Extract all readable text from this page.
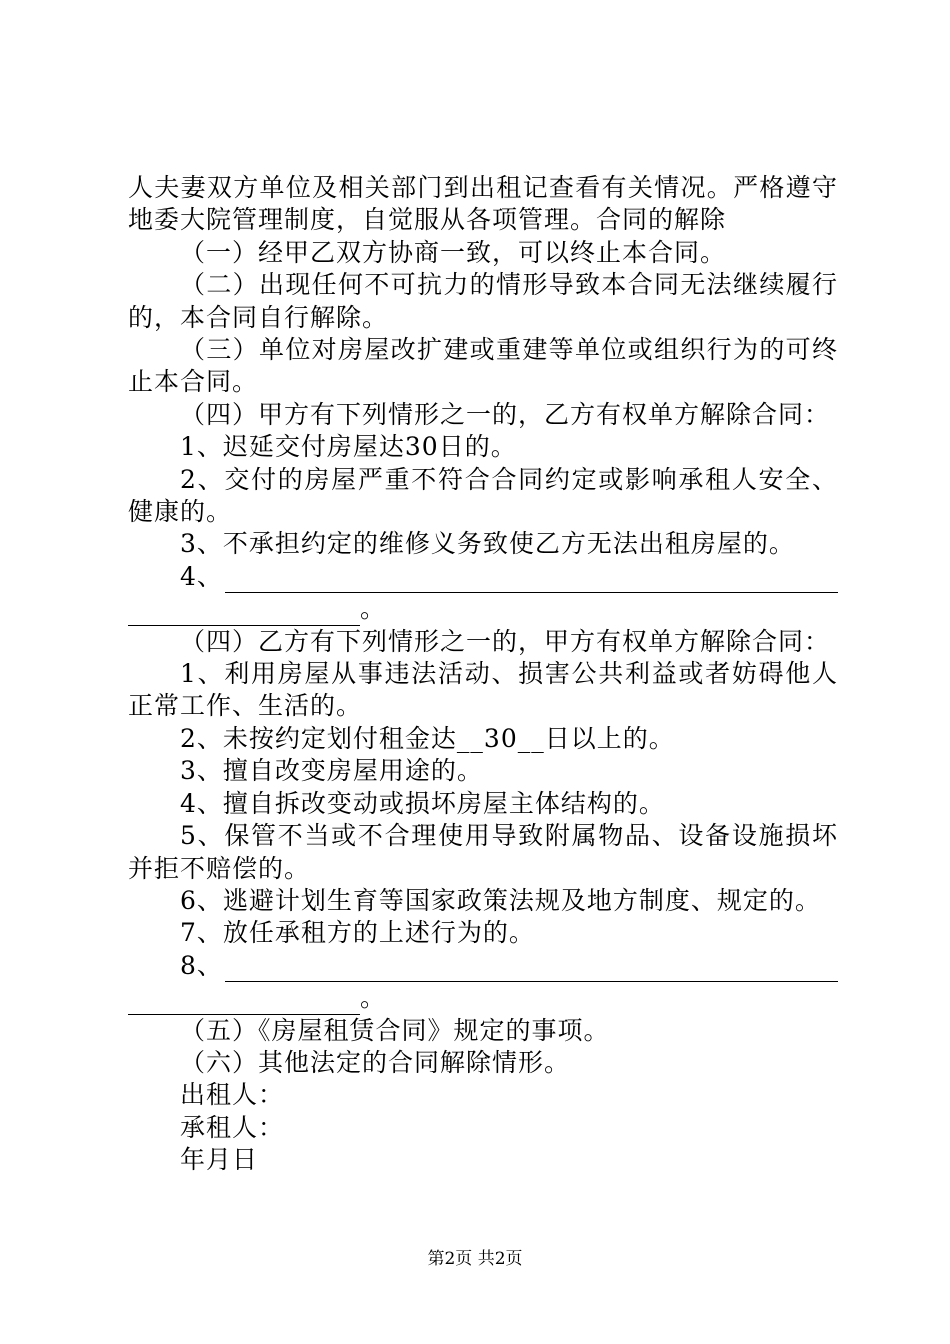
人夫妻双方单位及相关部门到出租记查看有关情况。严格遵守地委大院管理制度，自觉服从各项管理。合同的解除

（一）经甲乙双方协商一致，可以终止本合同。

（二）出现任何不可抗力的情形导致本合同无法继续履行的，本合同自行解除。

（三）单位对房屋改扩建或重建等单位或组织行为的可终止本合同。

（四）甲方有下列情形之一的，乙方有权单方解除合同：

1、迟延交付房屋达30日的。

2、交付的房屋严重不符合合同约定或影响承租人安全、健康的。

3、不承担约定的维修义务致使乙方无法出租房屋的。

4、
。

（四）乙方有下列情形之一的，甲方有权单方解除合同：

1、利用房屋从事违法活动、损害公共利益或者妨碍他人正常工作、生活的。

2、未按约定划付租金达__30__日以上的。

3、擅自改变房屋用途的。

4、擅自拆改变动或损坏房屋主体结构的。

5、保管不当或不合理使用导致附属物品、设备设施损坏并拒不赔偿的。

6、逃避计划生育等国家政策法规及地方制度、规定的。

7、放任承租方的上述行为的。

8、
。

（五）《房屋租赁合同》规定的事项。

（六）其他法定的合同解除情形。

出租人：

承租人：

年月日

第2页 共2页
